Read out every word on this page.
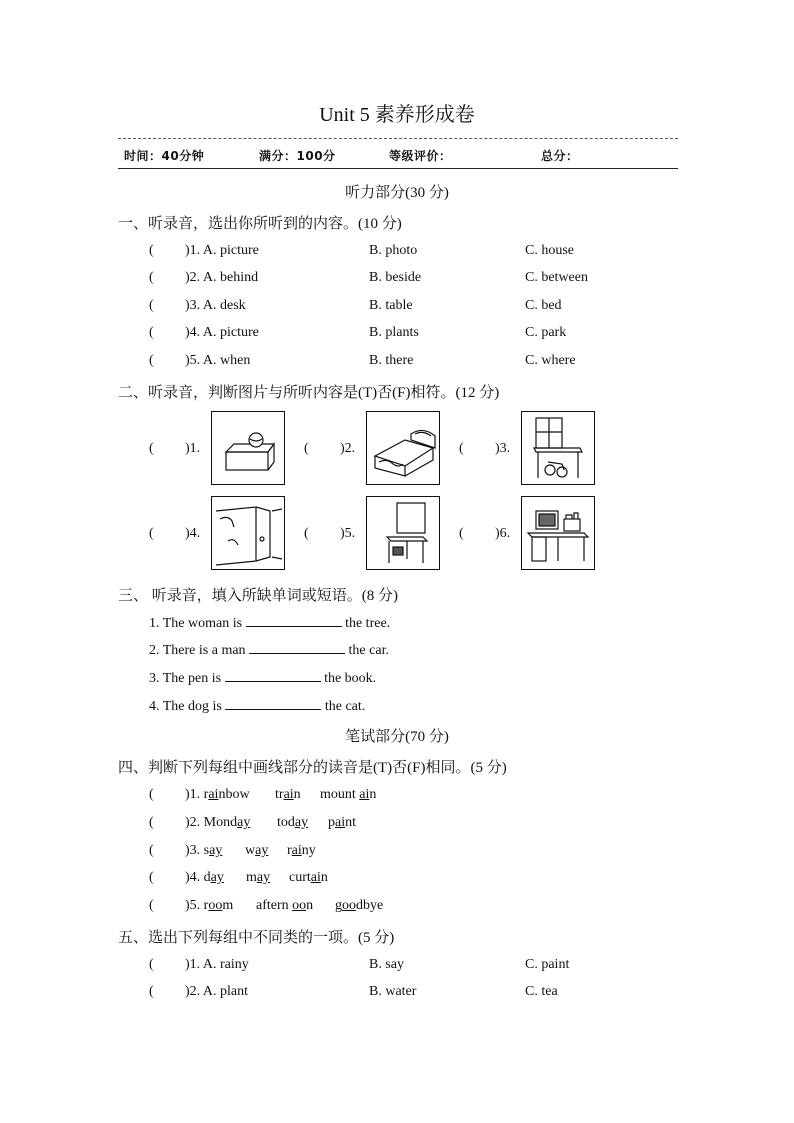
Unit 5 素养形成卷
时间：40分钟	满分：100分	等级评价：	总分：
听力部分(30 分)
一、听录音，选出你所听到的内容。(10 分)
( )1. A. picture	B. photo	C. house
( )2. A. behind	B. beside	C. between
( )3. A. desk	B. table	C. bed
( )4. A. picture	B. plants	C. park
( )5. A. when	B. there	C. where
二、听录音，判断图片与所听内容是(T)否(F)相符。(12 分)
( )1.	( )2.	( )3.
( )4.	( )5.	( )6.
三、 听录音，填入所缺单词或短语。(8 分)
1. The woman is	the tree.
2. There is a man	the car.
3. The pen is	the book.
4. The dog is	the cat.
笔试部分(70 分)
四、判断下列每组中画线部分的读音是(T)否(F)相同。(5 分)
( )1. rainbow train mount ain
( )2. Monday today paint
( )3. say way rainy
( )4. day may curtain
( )5. room aftern oon goodbye
五、选出下列每组中不同类的一项。(5 分)
( )1. A. rainy	B. say	C. paint
( )2. A. plant	B. water	C. tea
